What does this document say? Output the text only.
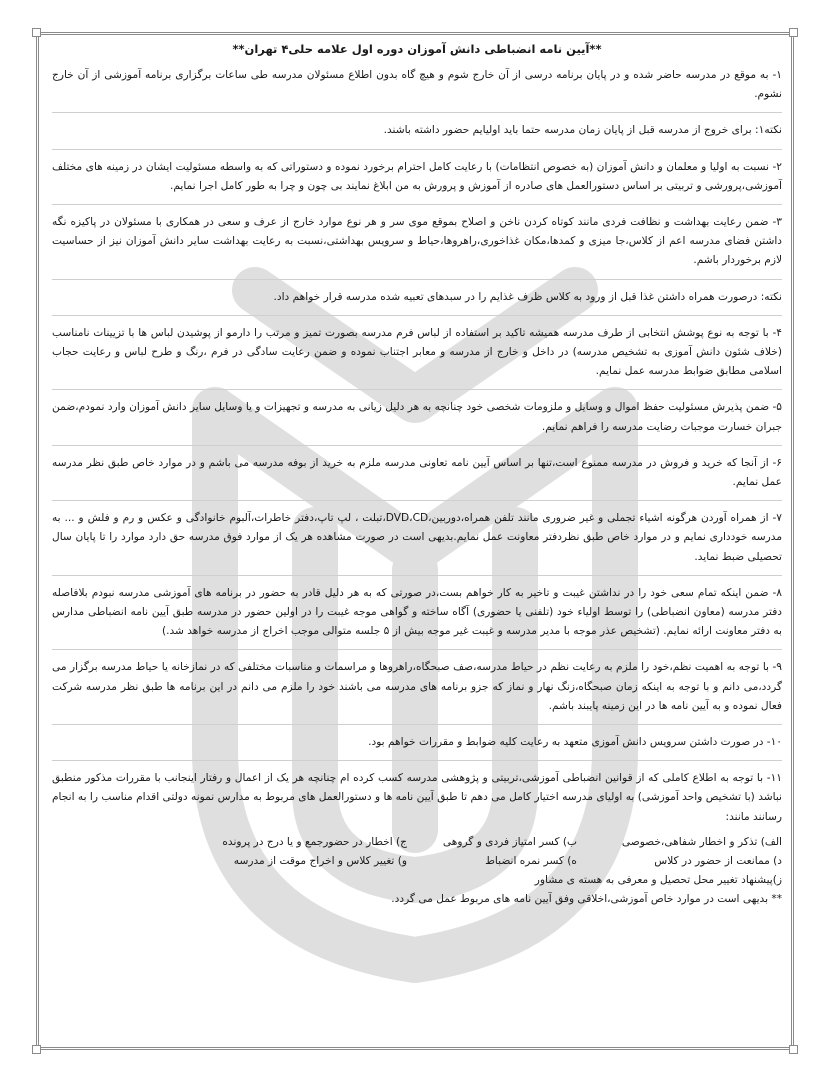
**آیین نامه انضباطی دانش آموزان دوره اول علامه حلی۴ تهران**

۱- به موقع در مدرسه حاضر شده و در پایان برنامه درسی از آن خارج شوم و هیچ گاه بدون اطلاع مسئولان مدرسه طی ساعات برگزاری برنامه آموزشی از آن خارج نشوم.

نکته۱: برای خروج از مدرسه قبل از پایان زمان مدرسه حتما باید اولیایم حضور داشته باشند.

۲- نسبت به اولیا و معلمان و دانش آموزان (به خصوص انتظامات) با رعایت کامل احترام برخورد نموده و دستوراتی که به واسطه مسئولیت ایشان در زمینه های مختلف آموزشی،پرورشی و تربیتی بر اساس دستورالعمل های صادره از آموزش و پرورش به من ابلاغ نمایند بی چون و چرا به طور کامل اجرا نمایم.

۳- ضمن رعایت بهداشت و نظافت فردی مانند کوتاه کردن ناخن و اصلاح بموقع موی سر و هر نوع موارد خارج از عرف و سعی در همکاری با مسئولان در پاکیزه نگه داشتن فضای مدرسه اعم از کلاس،جا میزی و کمدها،مکان غذاخوری،راهروها،حیاط و سرویس بهداشتی،نسبت به رعایت بهداشت سایر دانش آموزان نیز از حساسیت لازم برخوردار باشم.

نکته: درصورت همراه داشتن غذا قبل از ورود به کلاس ظرف غذایم را در سبدهای تعبیه شده مدرسه قرار خواهم داد.

۴- با توجه به نوع پوشش انتخابی از طرف مدرسه همیشه تاکید بر استفاده از لباس فرم مدرسه بصورت تمیز و مرتب را دارمو از پوشیدن لباس ها با تزیینات نامناسب (خلاف شئون دانش آموزی به تشخیص مدرسه) در داخل و خارج از مدرسه و معابر اجتناب نموده و ضمن رعایت سادگی در فرم ،رنگ و طرح لباس و رعایت حجاب اسلامی مطابق ضوابط مدرسه عمل نمایم.

۵- ضمن پذیرش مسئولیت حفظ اموال و وسایل و ملزومات شخصی خود چنانچه به هر دلیل زیانی به مدرسه و تجهیزات و یا وسایل سایر دانش آموزان وارد نمودم،ضمن جبران خسارت موجبات رضایت مدرسه را فراهم نمایم.

۶- از آنجا که خرید و فروش در مدرسه ممنوع است،تنها بر اساس آیین نامه تعاونی مدرسه ملزم به خرید از بوفه مدرسه می باشم و در موارد خاص طبق نظر مدرسه عمل نمایم.

۷- از همراه آوردن هرگونه اشیاء تجملی و غیر ضروری مانند تلفن همراه،دوربین،DVD،CD،تبلت ، لپ تاپ،دفتر خاطرات،آلبوم خانوادگی و عکس و رم و فلش و ... به مدرسه خودداری نمایم و در موارد خاص طبق نظردفتر معاونت عمل نمایم.بدیهی است در صورت مشاهده هر یک از موارد فوق مدرسه حق دارد موارد را تا پایان سال تحصیلی ضبط نماید.

۸- ضمن اینکه تمام سعی خود را در نداشتن غیبت و تاخیر به کار خواهم بست،در صورتی که به هر دلیل قادر به حضور در برنامه های آموزشی مدرسه نبودم بلافاصله دفتر مدرسه (معاون انضباطی) را توسط اولیاء خود (تلفنی یا حضوری) آگاه ساخته و گواهی موجه غیبت را در اولین حضور در مدرسه طبق آیین نامه انضباطی مدارس به دفتر معاونت ارائه نمایم. (تشخیص عذر موجه با مدیر مدرسه و غیبت غیر موجه بیش از ۵ جلسه متوالی موجب اخراج از مدرسه خواهد شد.)

۹- با توجه به اهمیت نظم،خود را ملزم به رعایت نظم در حیاط مدرسه،صف صبحگاه،راهروها و مراسمات و مناسبات مختلفی که در نمازخانه یا حیاط مدرسه برگزار می گردد،می دانم و با توجه به اینکه زمان صبحگاه،زنگ نهار و نماز که جزو برنامه های مدرسه می باشند خود را ملزم می دانم در این برنامه ها طبق نظر مدرسه شرکت فعال نموده و به آیین نامه ها در این زمینه پایبند باشم.

۱۰- در صورت داشتن سرویس دانش آموزی متعهد به رعایت کلیه ضوابط و مقررات خواهم بود.

۱۱- با توجه به اطلاع کاملی که از قوانین انضباطی آموزشی،تربیتی و پژوهشی مدرسه کسب کرده ام چنانچه هر یک از اعمال و رفتار اینجانب با مقررات مذکور منطبق نباشد (با تشخیص واحد آموزشی) به اولیای مدرسه اختیار کامل می دهم تا طبق آیین نامه ها و دستورالعمل های مربوط به مدارس نمونه دولتی اقدام مناسب را به انجام رسانند مانند:

الف) تذکر و اخطار شفاهی،خصوصی
ب) کسر امتیاز فردی و گروهی
ج) اخطار در حضورجمع و یا درج در پرونده
د) ممانعت از حضور در کلاس
ه) کسر نمره انضباط
و) تغییر کلاس و اخراج موقت از مدرسه
ز)پیشنهاد تغییر محل تحصیل و معرفی به هسته ی مشاور
** بدیهی است در موارد خاص آموزشی،اخلاقی وفق آیین نامه های مربوط عمل می گردد.
